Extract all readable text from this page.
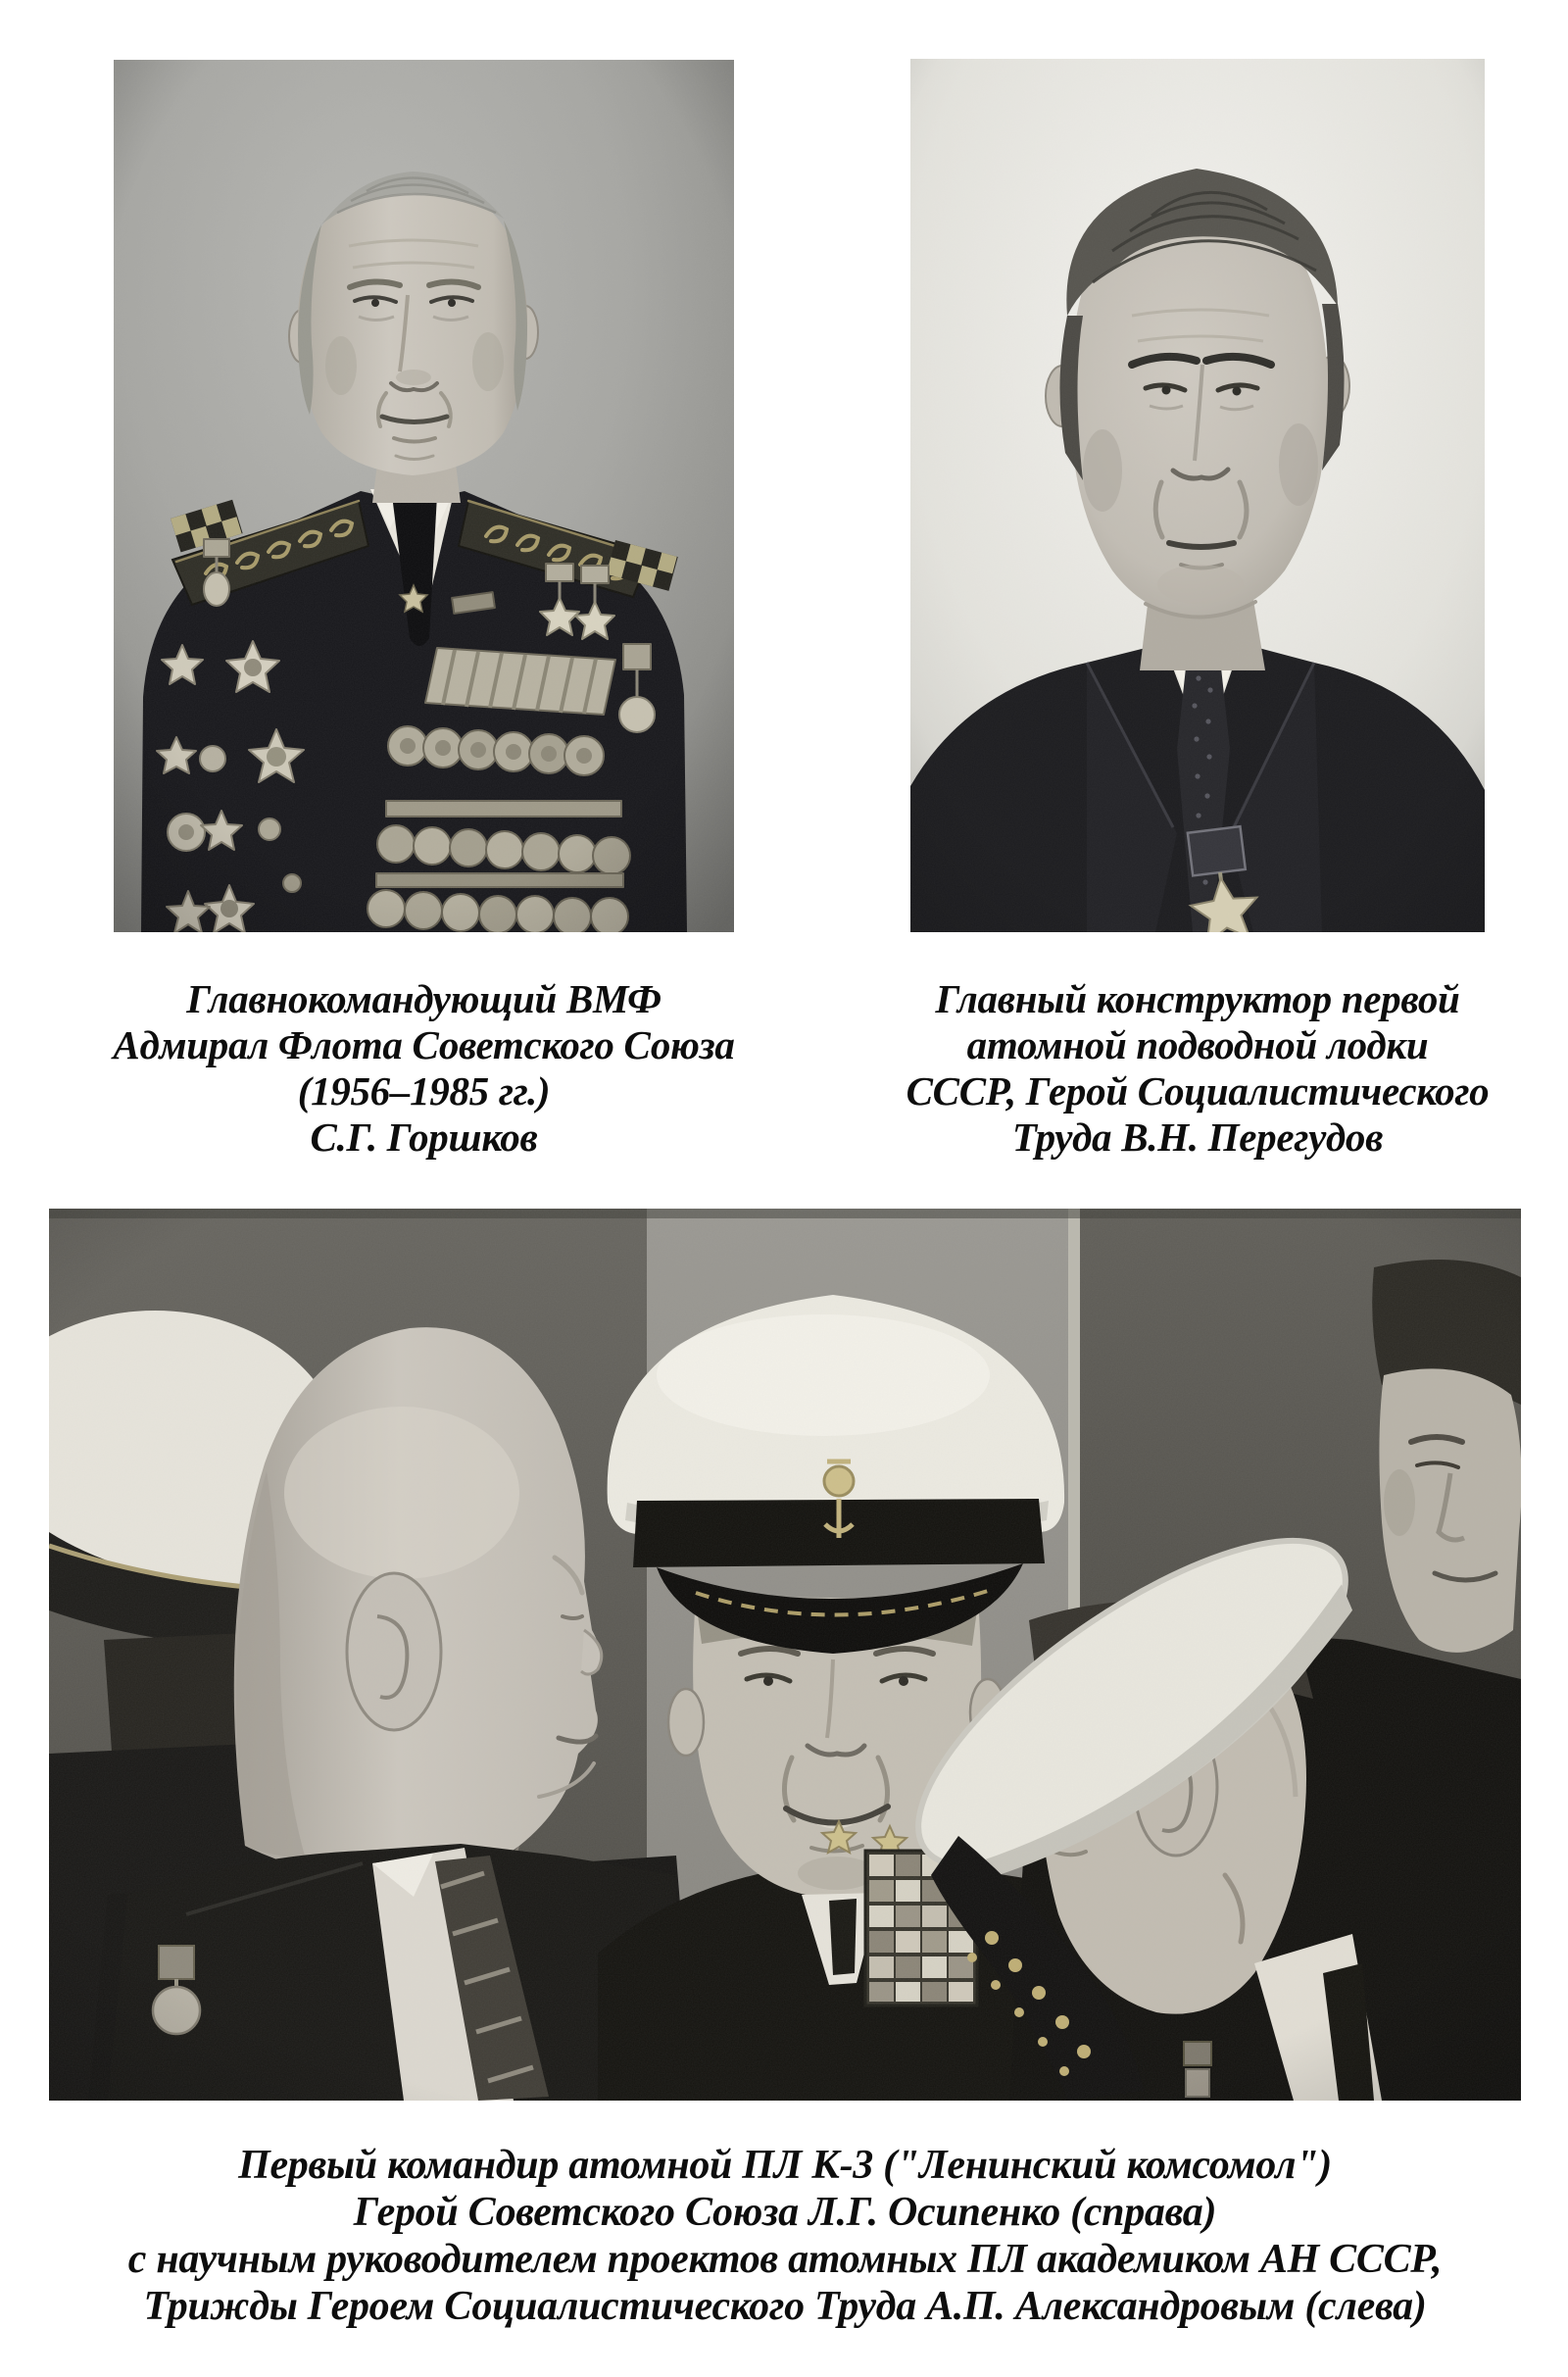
Главнокомандующий ВМФ
Адмирал Флота Советского Союза
(1956–1985 гг.)
С.Г. Горшков
Главный конструктор первой
атомной подводной лодки
СССР, Герой Социалистического
Труда В.Н. Перегудов
Первый командир атомной ПЛ К-3 ("Ленинский комсомол")
Герой Советского Союза Л.Г. Осипенко (справа)
с научным руководителем проектов атомных ПЛ академиком АН СССР,
Трижды Героем Социалистического Труда А.П. Александровым (слева)
